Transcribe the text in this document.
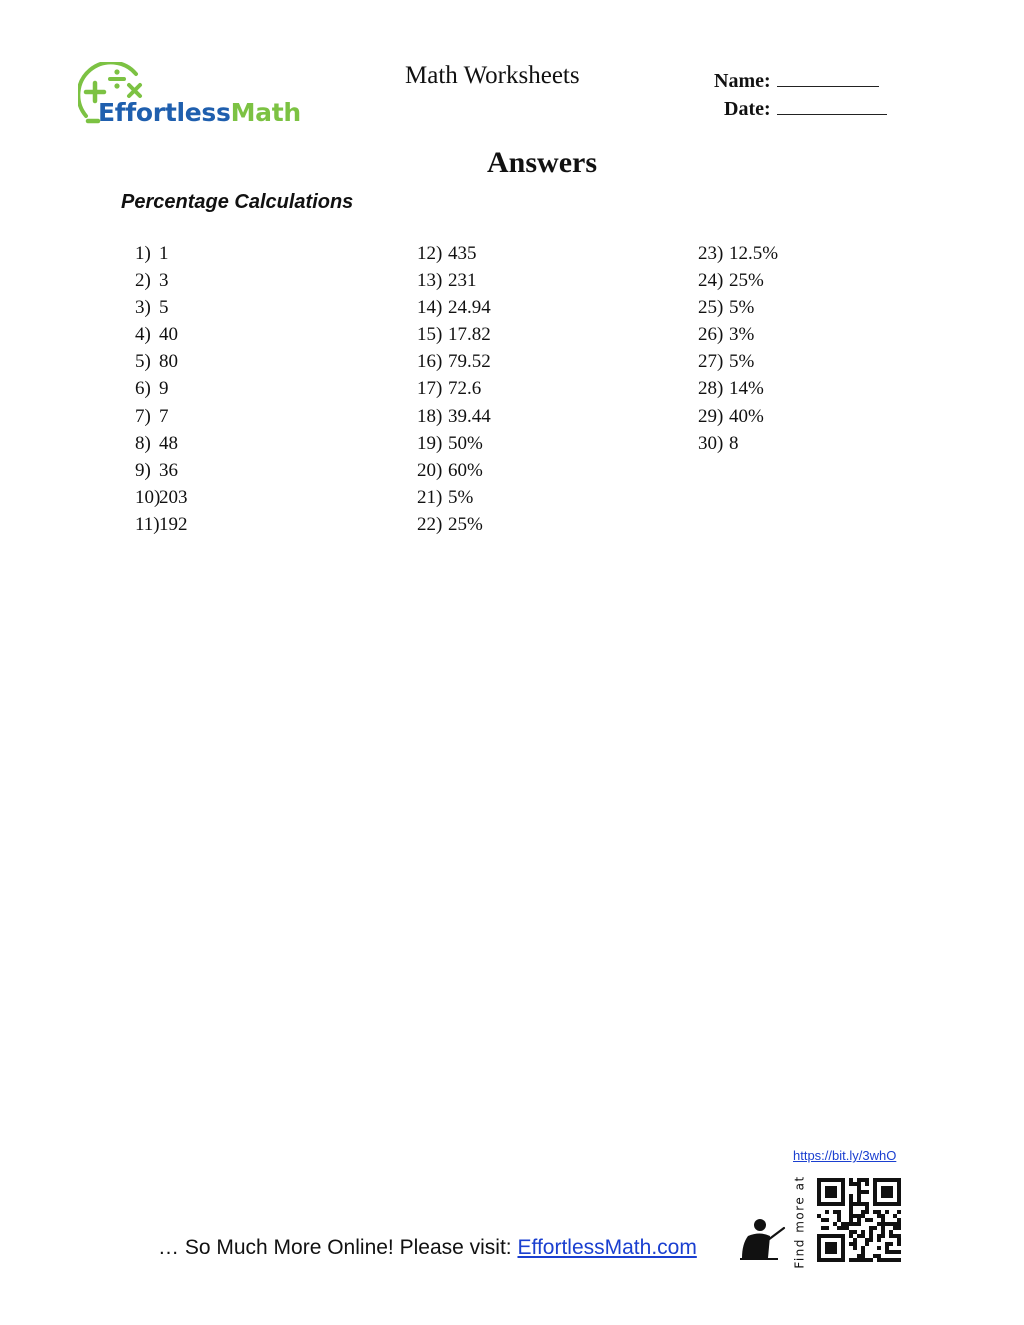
EffortlessMath
Math Worksheets	Name:
Date:
Answers
Percentage Calculations
1) 1
2) 3
3) 5
4) 40
5) 80
6) 9
7) 7
8) 48
9) 36
10)203
11)192
12) 435
13) 231
14) 24.94
15) 17.82
16) 79.52
17) 72.6
18) 39.44
19) 50%
20) 60%
21) 5%
22) 25%
23) 12.5%
24) 25%
25) 5%
26) 3%
27) 5%
28) 14%
29) 40%
30) 8
https://bit.ly/3whO
Find more at
… So Much More Online! Please visit: EffortlessMath.com
